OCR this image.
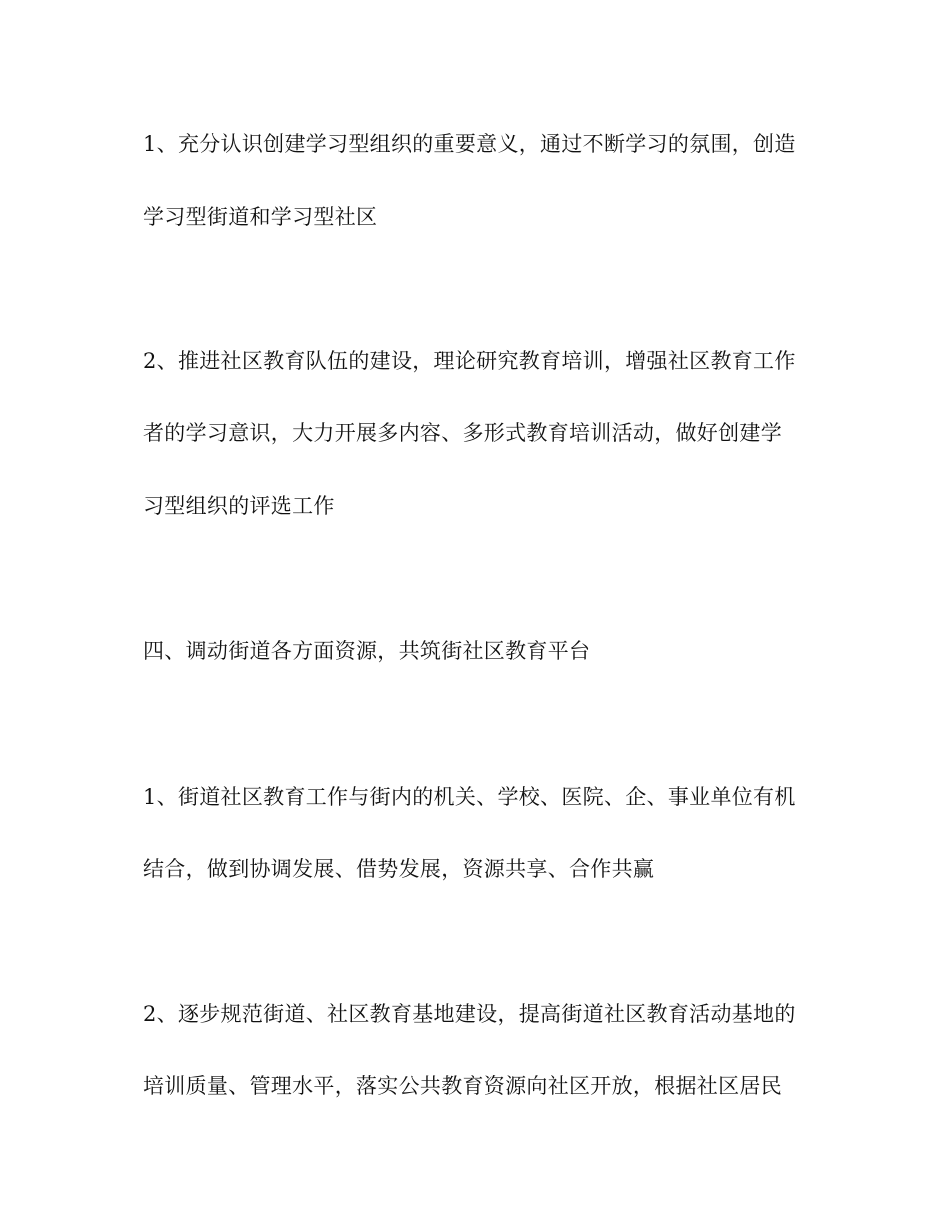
1、充分认识创建学习型组织的重要意义，通过不断学习的氛围，创造
学习型街道和学习型社区
2、推进社区教育队伍的建设，理论研究教育培训，增强社区教育工作
者的学习意识，大力开展多内容、多形式教育培训活动，做好创建学
习型组织的评选工作
四、调动街道各方面资源，共筑街社区教育平台
1、街道社区教育工作与街内的机关、学校、医院、企、事业单位有机
结合，做到协调发展、借势发展，资源共享、合作共赢
2、逐步规范街道、社区教育基地建设，提高街道社区教育活动基地的
培训质量、管理水平，落实公共教育资源向社区开放，根据社区居民
